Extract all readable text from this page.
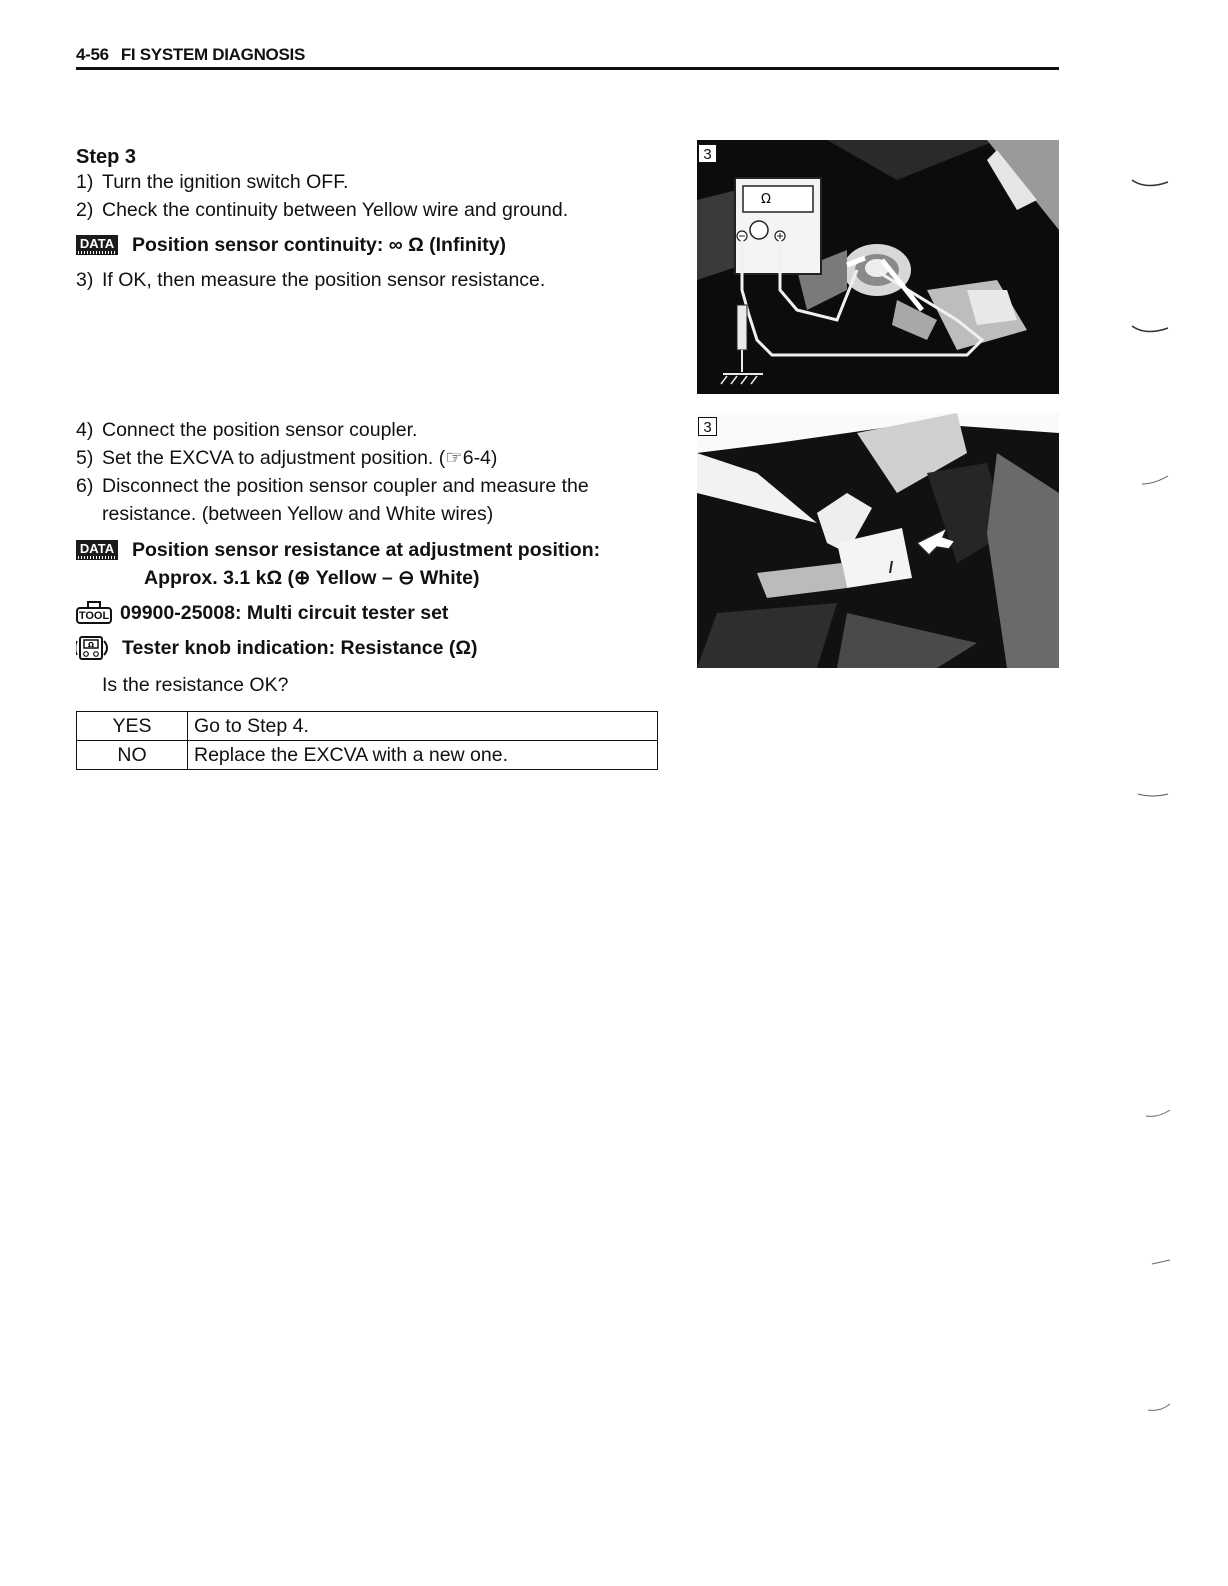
4-56 FI SYSTEM DIAGNOSIS
Step 3
1) Turn the ignition switch OFF.
2) Check the continuity between Yellow wire and ground.
DATA Position sensor continuity: ∞ Ω (Infinity)
3) If OK, then measure the position sensor resistance.
4) Connect the position sensor coupler.
5) Set the EXCVA to adjustment position. (☞6-4)
6) Disconnect the position sensor coupler and measure the
resistance. (between Yellow and White wires)
DATA Position sensor resistance at adjustment position:
Approx. 3.1 kΩ (⊕ Yellow – ⊖ White)
TOOL 09900-25008: Multi circuit tester set
Ω Tester knob indication: Resistance (Ω)
Is the resistance OK?
YES	Go to Step 4.
NO	Replace the EXCVA with a new one.
Ω
3
3
